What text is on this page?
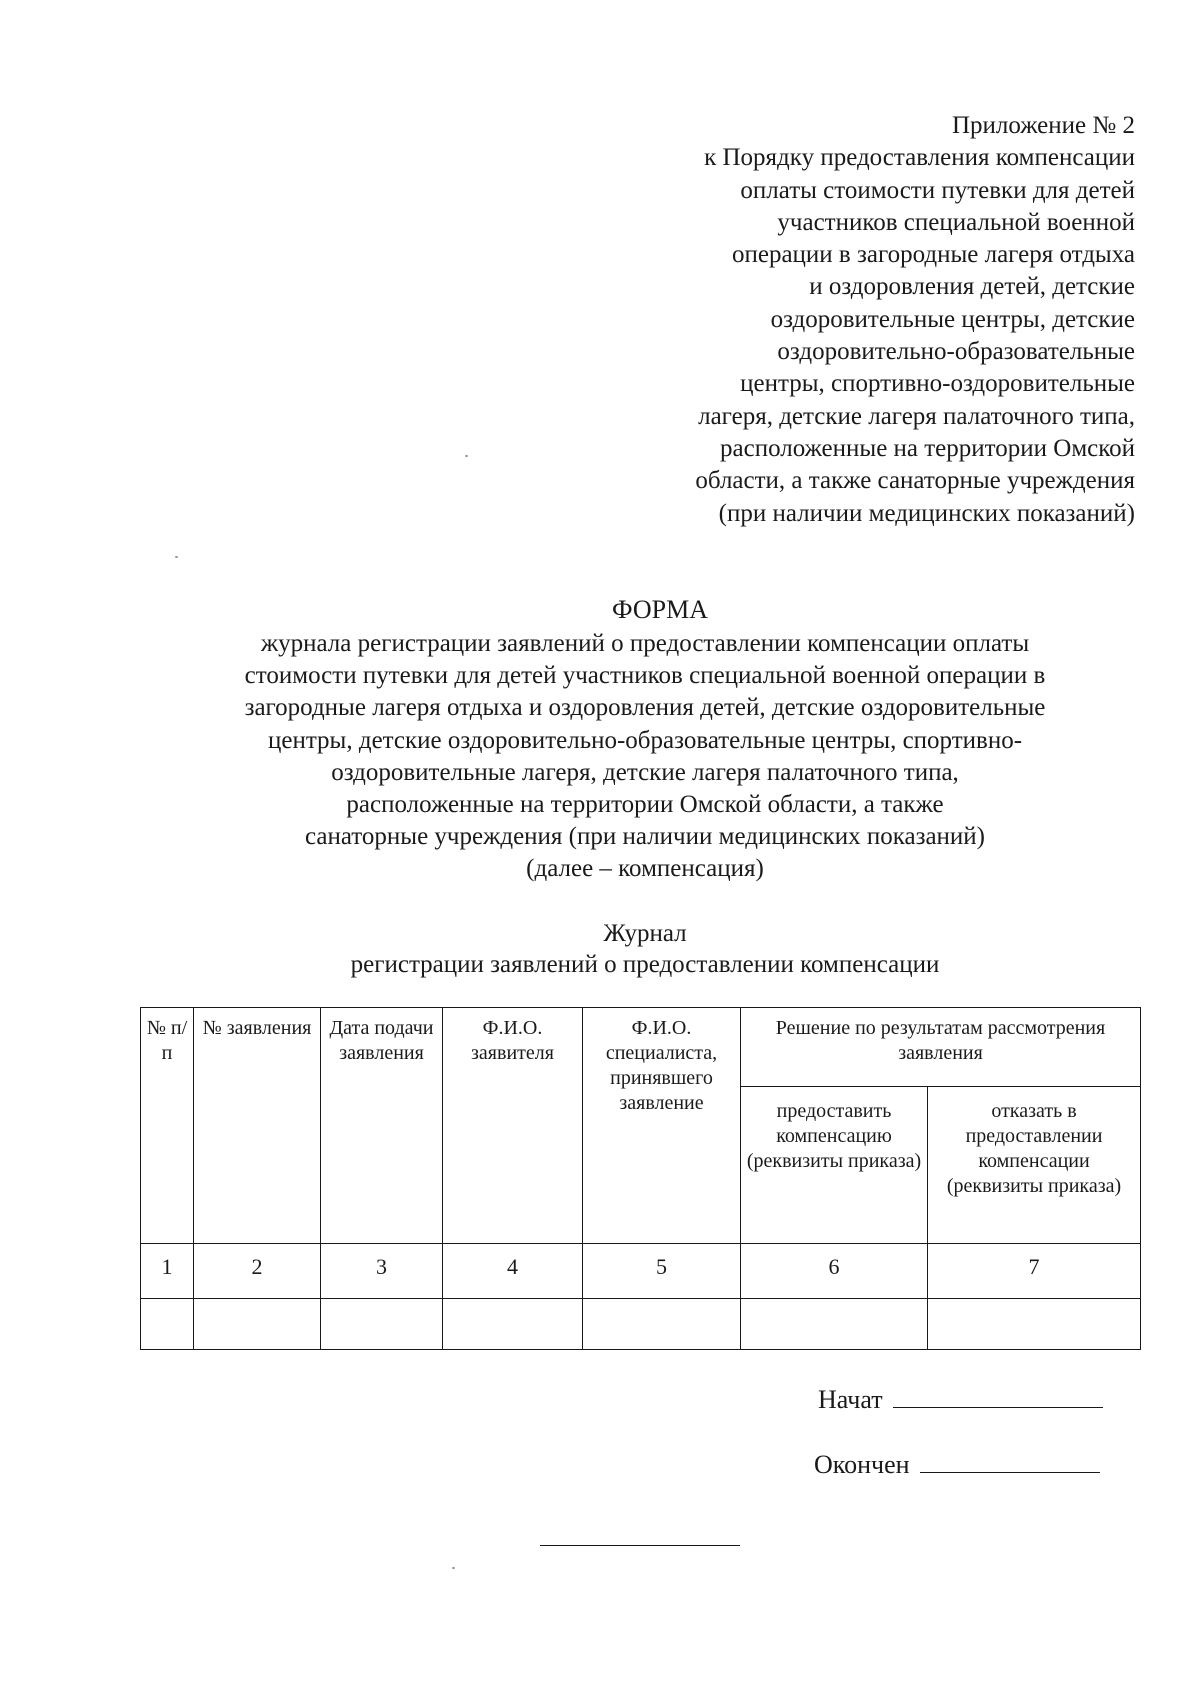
Приложение № 2
к Порядку предоставления компенсации
оплаты стоимости путевки для детей
участников специальной военной
операции в загородные лагеря отдыха
и оздоровления детей, детские
оздоровительные центры, детские
оздоровительно-образовательные
центры, спортивно-оздоровительные
лагеря, детские лагеря палаточного типа,
расположенные на территории Омской
области, а также санаторные учреждения
(при наличии медицинских показаний)
ФОРМА
журнала регистрации заявлений о предоставлении компенсации оплаты
стоимости путевки для детей участников специальной военной операции в
загородные лагеря отдыха и оздоровления детей, детские оздоровительные
центры, детские оздоровительно-образовательные центры, спортивно-
оздоровительные лагеря, детские лагеря палаточного типа,
расположенные на территории Омской области, а также
санаторные учреждения (при наличии медицинских показаний)
(далее – компенсация)
Журнал
регистрации заявлений о предоставлении компенсации
№ п/п	№ заявления	Дата подачи заявления	Ф.И.О. заявителя	Ф.И.О. специалиста, принявшего заявление	Решение по результатам рассмотрения заявления	
					предоставить компенсацию (реквизиты приказа)	отказать в предоставлении компенсации (реквизиты приказа)
1	2	3	4	5	6	7

Начат
Окончен
